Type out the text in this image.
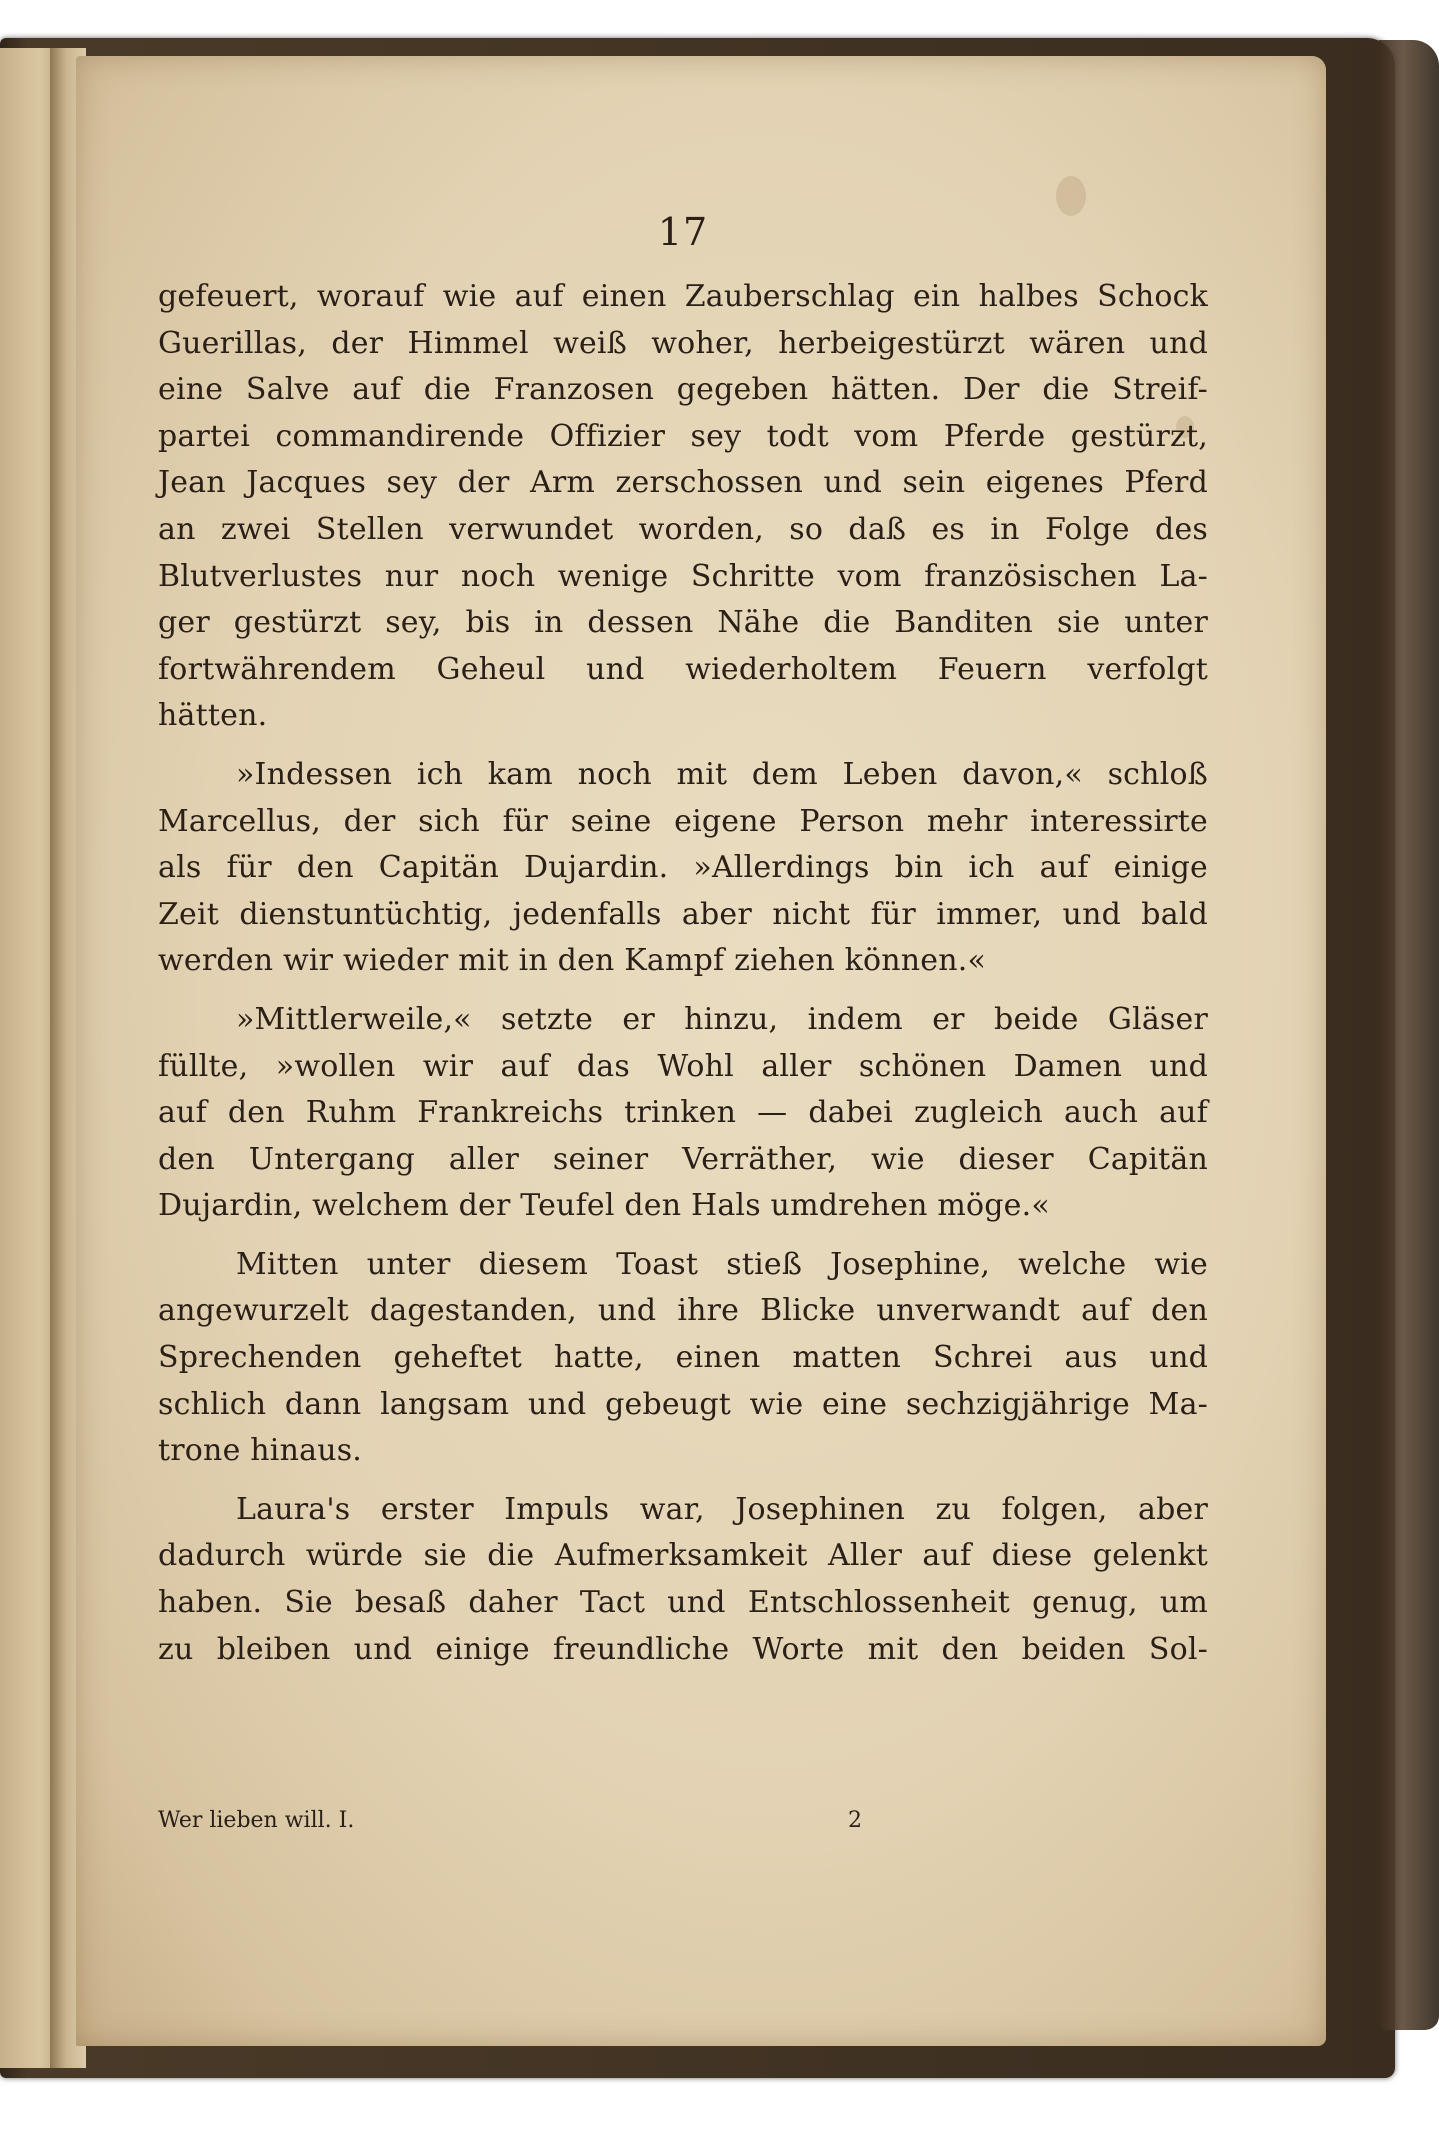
17
gefeuert, worauf wie auf einen Zauberschlag ein halbes Schock
Guerillas, der Himmel weiß woher, herbeigestürzt wären und
eine Salve auf die Franzosen gegeben hätten. Der die Streif-
partei commandirende Offizier sey todt vom Pferde gestürzt,
Jean Jacques sey der Arm zerschossen und sein eigenes Pferd
an zwei Stellen verwundet worden, so daß es in Folge des
Blutverlustes nur noch wenige Schritte vom französischen La-
ger gestürzt sey, bis in dessen Nähe die Banditen sie unter
fortwährendem Geheul und wiederholtem Feuern verfolgt
hätten.
»Indessen ich kam noch mit dem Leben davon,« schloß
Marcellus, der sich für seine eigene Person mehr interessirte
als für den Capitän Dujardin. »Allerdings bin ich auf einige
Zeit dienstuntüchtig, jedenfalls aber nicht für immer, und bald
werden wir wieder mit in den Kampf ziehen können.«
»Mittlerweile,« setzte er hinzu, indem er beide Gläser
füllte, »wollen wir auf das Wohl aller schönen Damen und
auf den Ruhm Frankreichs trinken — dabei zugleich auch auf
den Untergang aller seiner Verräther, wie dieser Capitän
Dujardin, welchem der Teufel den Hals umdrehen möge.«
Mitten unter diesem Toast stieß Josephine, welche wie
angewurzelt dagestanden, und ihre Blicke unverwandt auf den
Sprechenden geheftet hatte, einen matten Schrei aus und
schlich dann langsam und gebeugt wie eine sechzigjährige Ma-
trone hinaus.
Laura's erster Impuls war, Josephinen zu folgen, aber
dadurch würde sie die Aufmerksamkeit Aller auf diese gelenkt
haben. Sie besaß daher Tact und Entschlossenheit genug, um
zu bleiben und einige freundliche Worte mit den beiden Sol-
Wer lieben will. I.	2
